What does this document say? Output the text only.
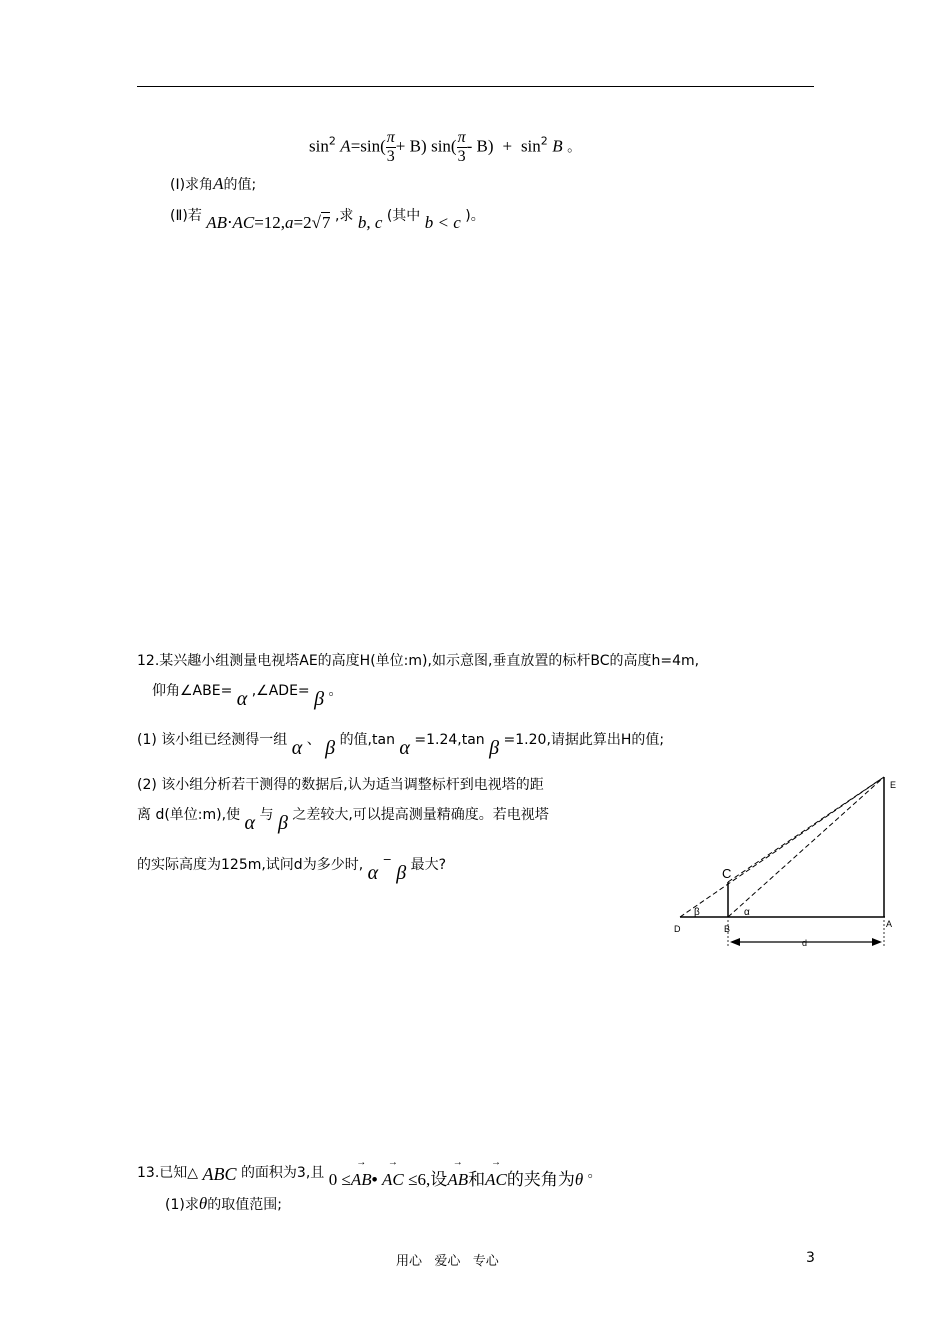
$\sin^2 A=\sin( \frac{\pi}{3} + B)$ $\sin( \frac{\pi}{3} - B) + \sin^2 B$ 。
(Ⅰ)求角A的值;
(Ⅱ)若 AB⋅AC=12,a=2√7 ,求 b, c (其中 b < c )。
12.某兴趣小组测量电视塔AE的高度H(单位:m),如示意图,垂直放置的标杆BC的高度h=4m,
仰角∠ABE= α ,∠ADE= β 。
(1) 该小组已经测得一组 α 、 β 的值,tan α =1.24,tan β =1.20,请据此算出H的值;
(2) 该小组分析若干测得的数据后,认为适当调整标杆到电视塔的距
离 d(单位:m),使 α 与 β 之差较大,可以提高测量精确度。若电视塔
的实际高度为125m,试问d为多少时, α − β 最大?
E
C
D	B	A
d
β	α
13.已知△ ABC 的面积为3,且 0 ≤
→
AB•
→
AC ≤6,设
→
AB和
→
AC的夹角为θ 。
(1)求θ的取值范围;
用心   爱心   专心	3
